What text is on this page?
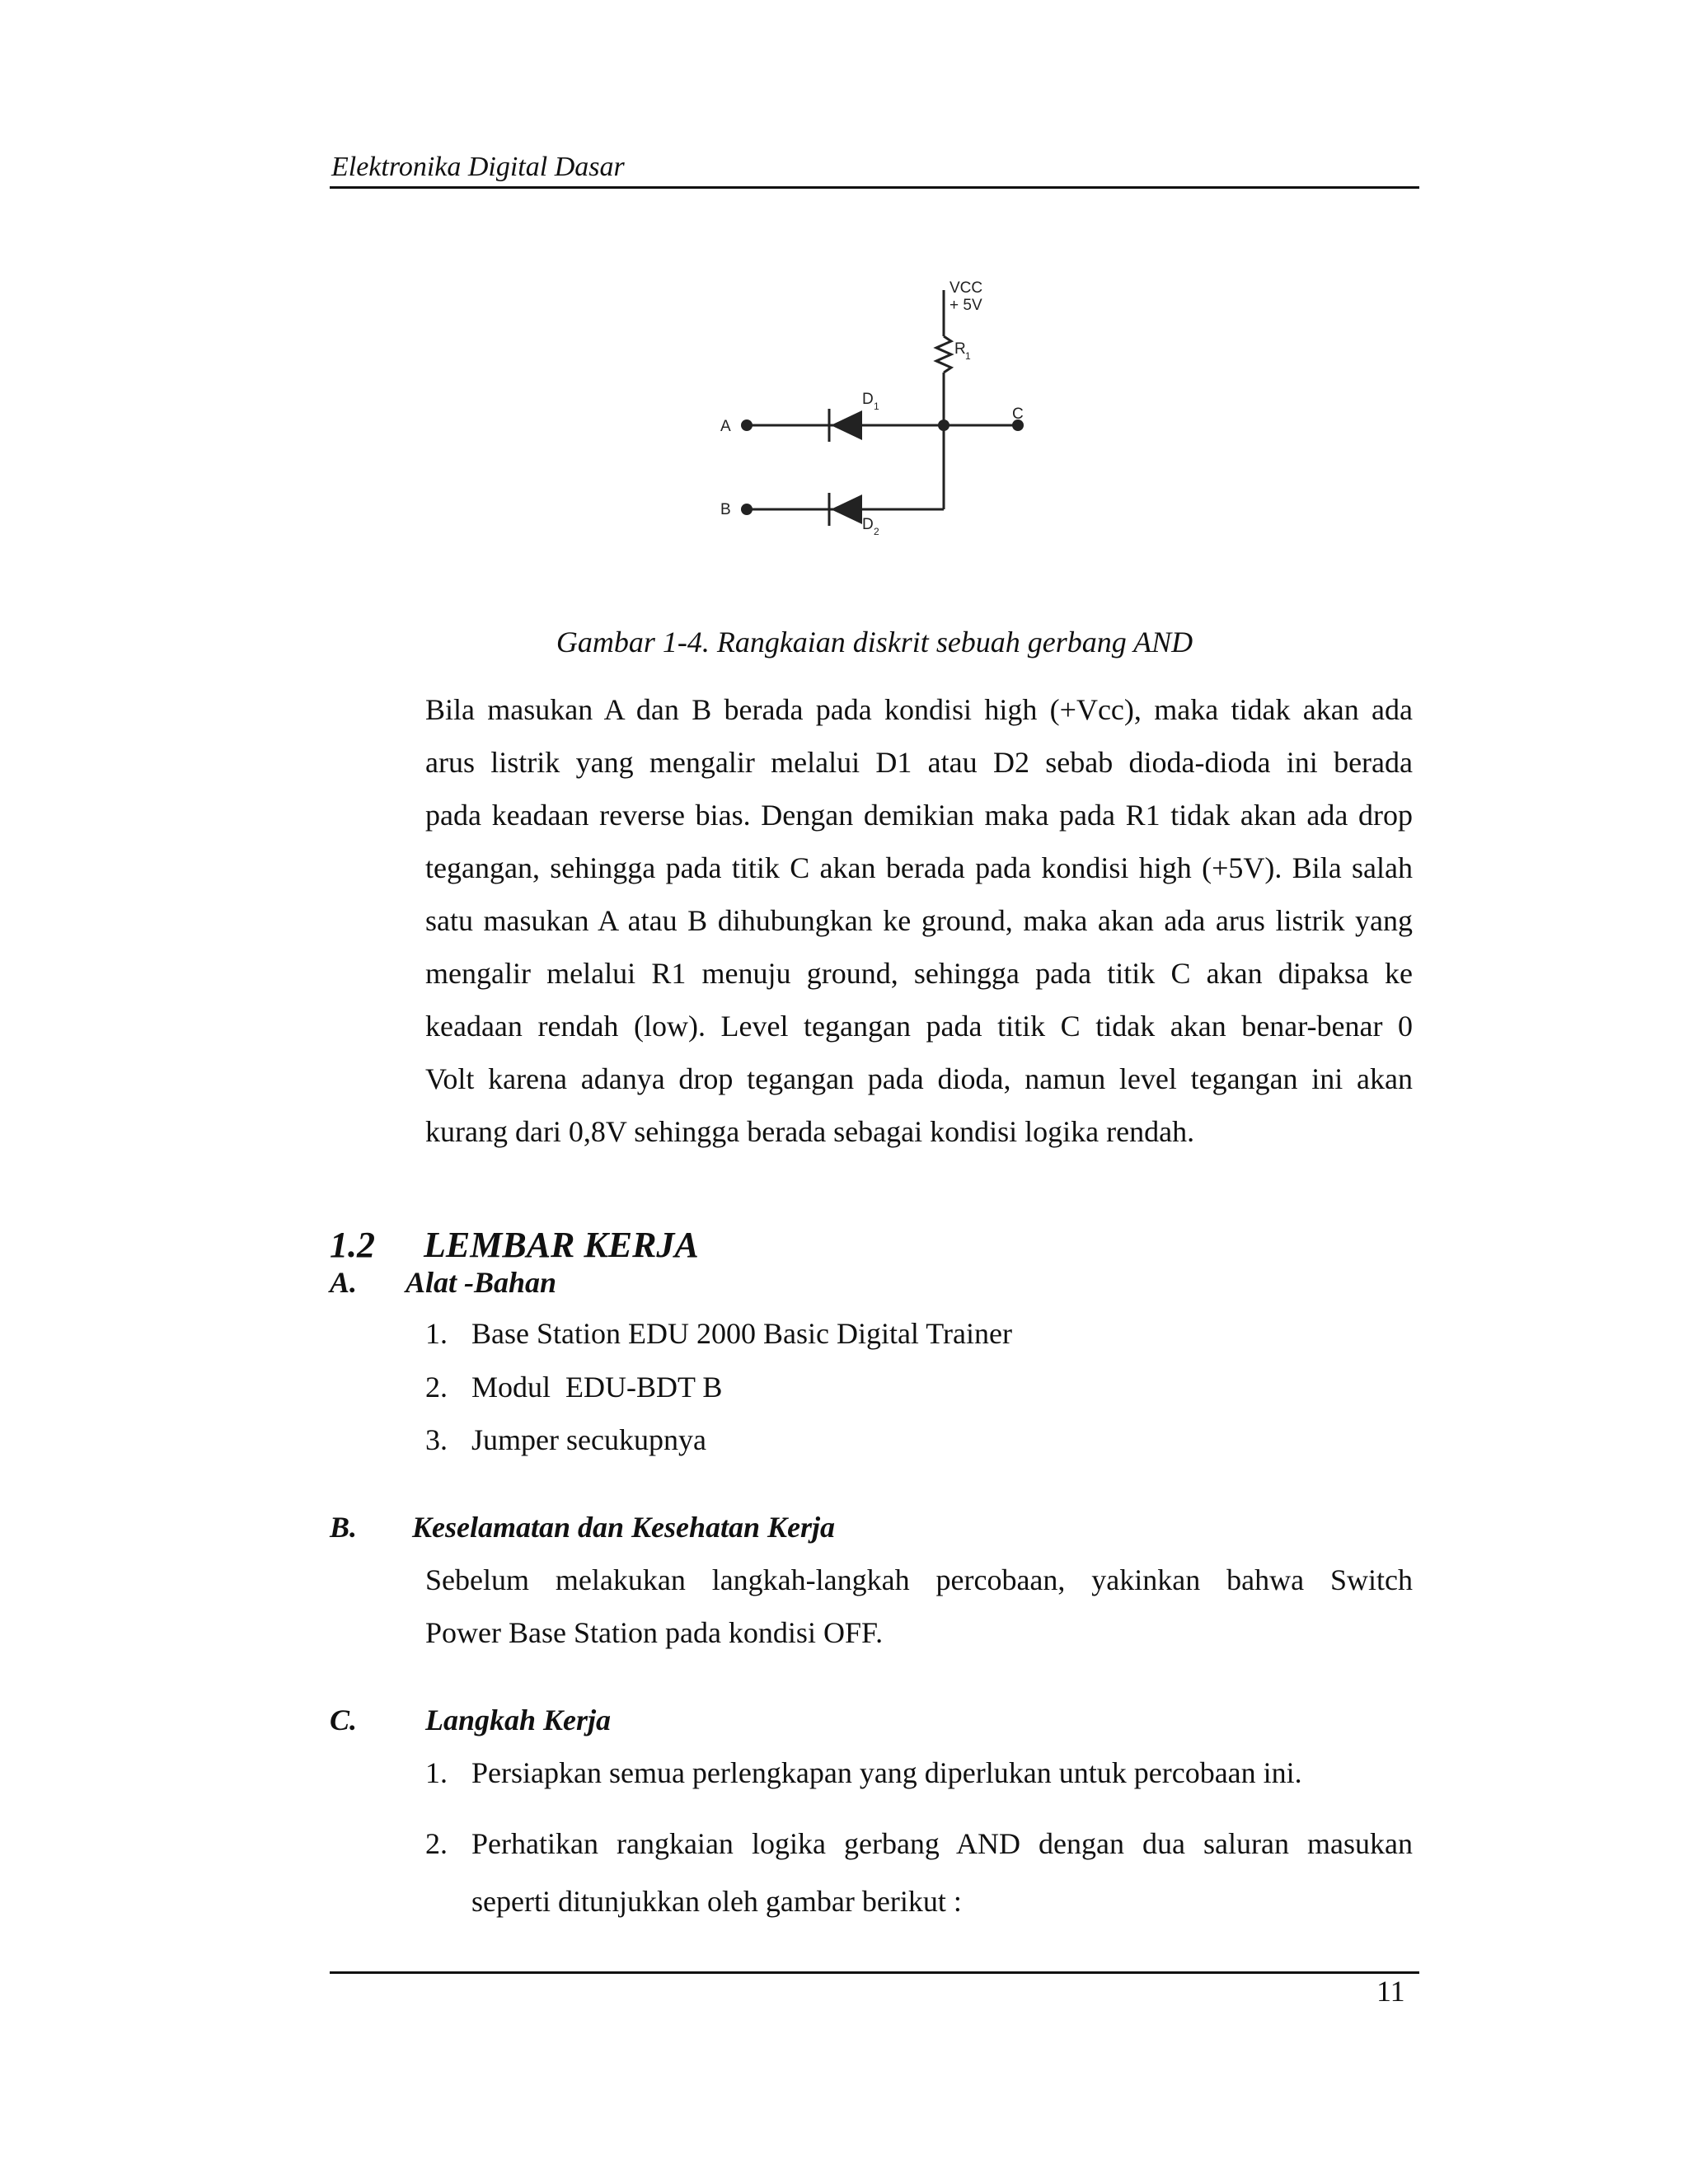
Elektronika Digital Dasar
VCC
+ 5V
R 1
D 1
D 2
A
B
C
Gambar 1-4. Rangkaian diskrit sebuah gerbang AND
Bila masukan A dan B berada pada kondisi high (+Vcc), maka tidak akan ada
arus listrik yang mengalir melalui D1 atau D2 sebab dioda-dioda ini berada
pada keadaan reverse bias. Dengan demikian maka pada R1 tidak akan ada drop
tegangan, sehingga pada titik C akan berada pada kondisi high (+5V). Bila salah
satu masukan A atau B dihubungkan ke ground, maka akan ada arus listrik yang
mengalir melalui R1 menuju ground, sehingga pada titik C akan dipaksa ke
keadaan rendah (low). Level tegangan pada titik C tidak akan benar-benar 0
Volt karena adanya drop tegangan pada dioda, namun level tegangan ini akan
kurang dari 0,8V sehingga berada sebagai kondisi logika rendah.
1.2 LEMBAR KERJA
A. Alat -Bahan
1. Base Station EDU 2000 Basic Digital Trainer
2. Modul  EDU-BDT B
3. Jumper secukupnya
B. Keselamatan dan Kesehatan Kerja
Sebelum melakukan langkah-langkah percobaan, yakinkan bahwa Switch
Power Base Station pada kondisi OFF.
C. Langkah Kerja
1. Persiapkan semua perlengkapan yang diperlukan untuk percobaan ini.
2. Perhatikan rangkaian logika gerbang AND dengan dua saluran masukan
seperti ditunjukkan oleh gambar berikut :
11
